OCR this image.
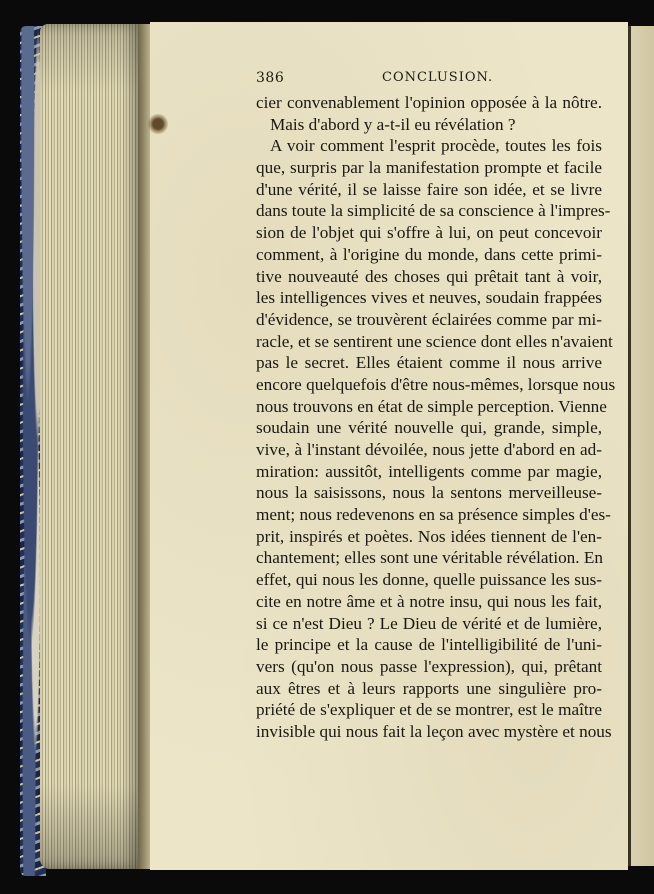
386	CONCLUSION.
cier convenablement l'opinion opposée à la nôtre.
Mais d'abord y a-t-il eu révélation ?
A voir comment l'esprit procède, toutes les fois
que, surpris par la manifestation prompte et facile
d'une vérité, il se laisse faire son idée, et se livre
dans toute la simplicité de sa conscience à l'impres-
sion de l'objet qui s'offre à lui, on peut concevoir
comment, à l'origine du monde, dans cette primi-
tive nouveauté des choses qui prêtait tant à voir,
les intelligences vives et neuves, soudain frappées
d'évidence, se trouvèrent éclairées comme par mi-
racle, et se sentirent une science dont elles n'avaient
pas le secret. Elles étaient comme il nous arrive
encore quelquefois d'être nous-mêmes, lorsque nous
nous trouvons en état de simple perception. Vienne
soudain une vérité nouvelle qui, grande, simple,
vive, à l'instant dévoilée, nous jette d'abord en ad-
miration: aussitôt, intelligents comme par magie,
nous la saisissons, nous la sentons merveilleuse-
ment; nous redevenons en sa présence simples d'es-
prit, inspirés et poètes. Nos idées tiennent de l'en-
chantement; elles sont une véritable révélation. En
effet, qui nous les donne, quelle puissance les sus-
cite en notre âme et à notre insu, qui nous les fait,
si ce n'est Dieu ? Le Dieu de vérité et de lumière,
le principe et la cause de l'intelligibilité de l'uni-
vers (qu'on nous passe l'expression), qui, prêtant
aux êtres et à leurs rapports une singulière pro-
priété de s'expliquer et de se montrer, est le maître
invisible qui nous fait la leçon avec mystère et nous
